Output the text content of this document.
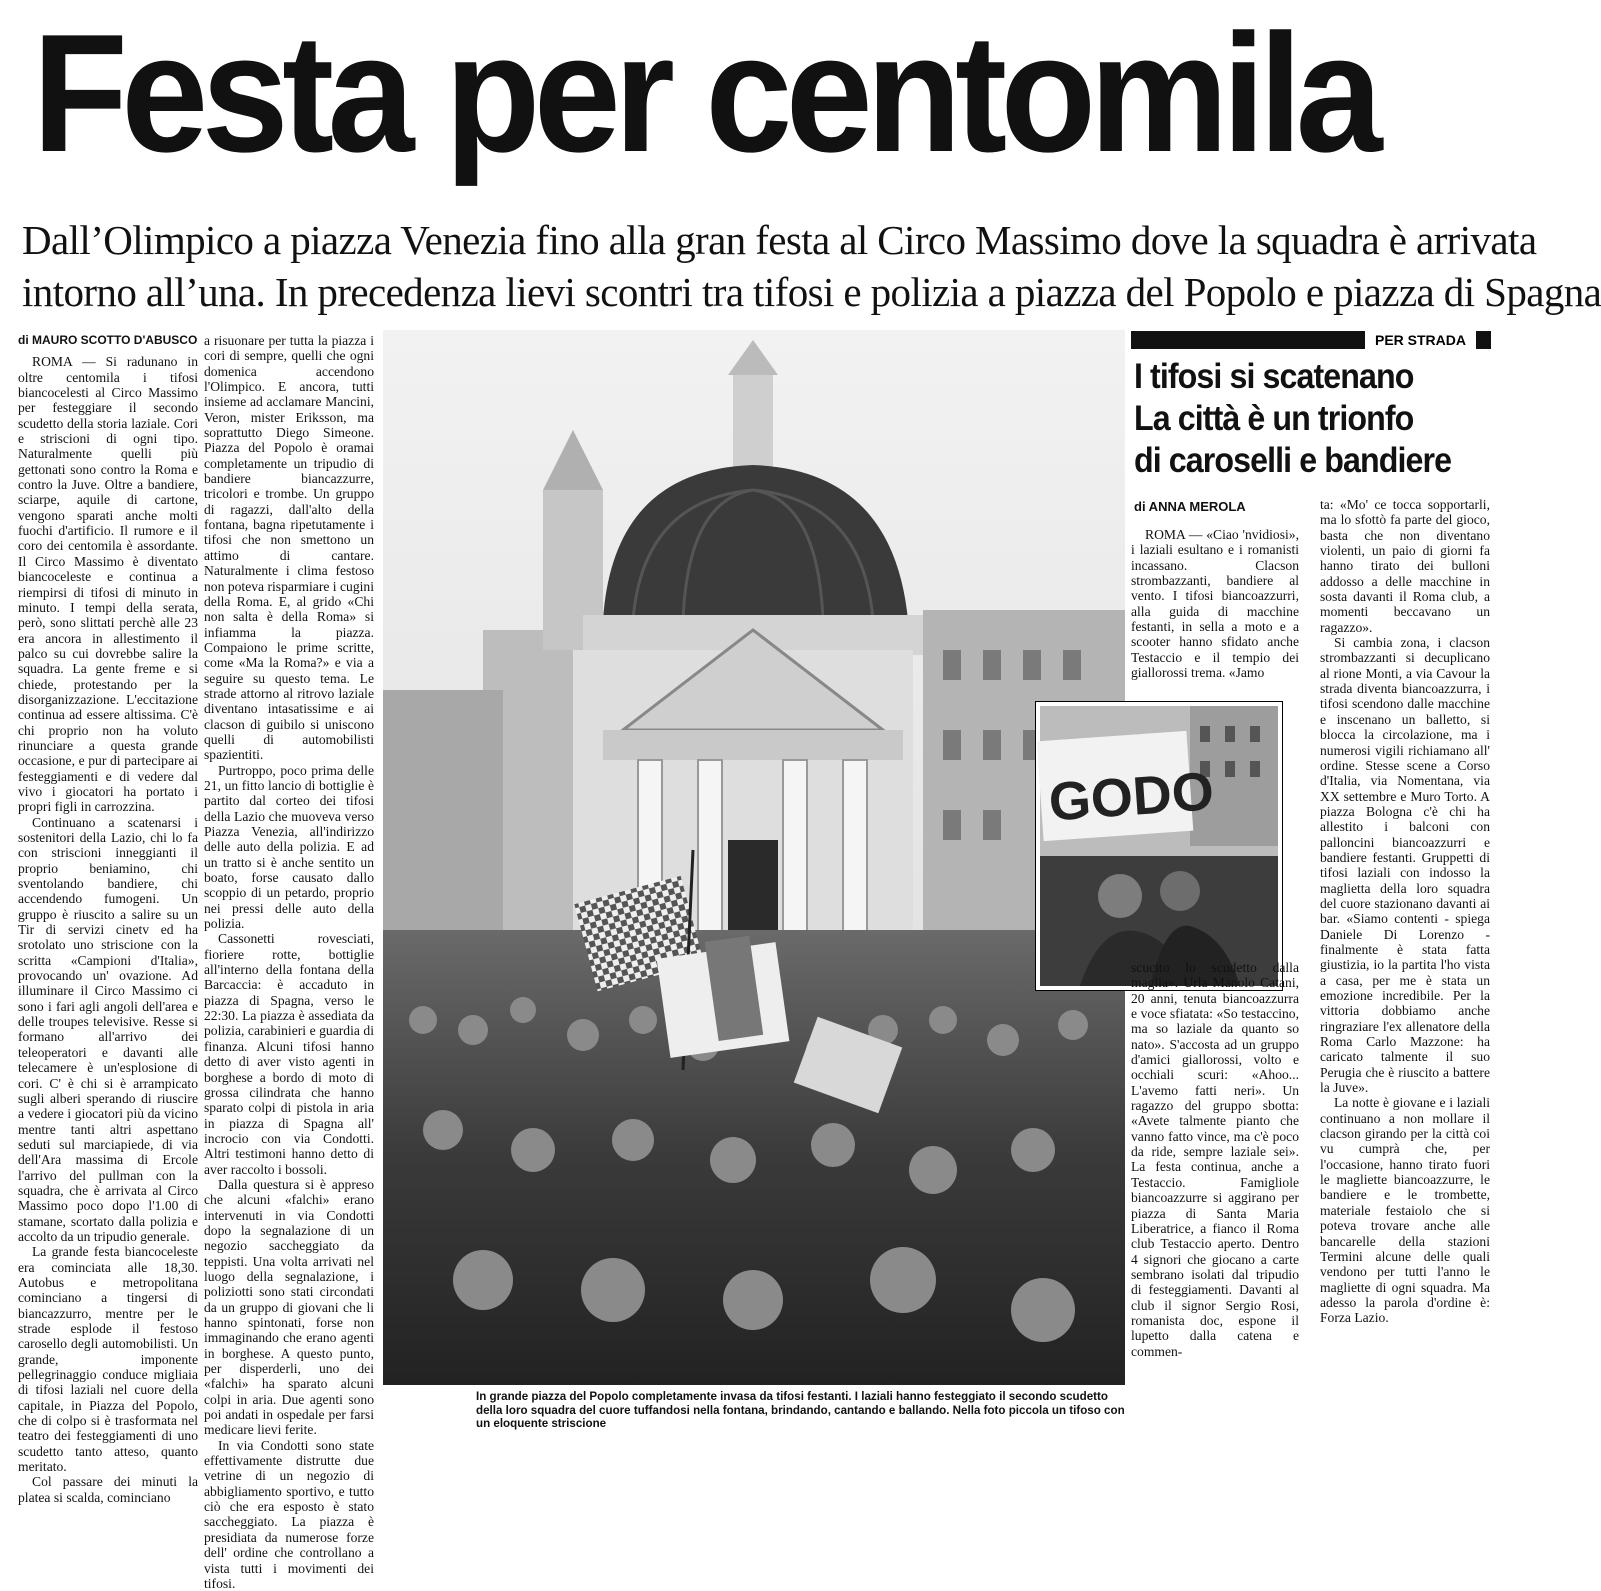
Festa per centomila
Dall’Olimpico a piazza Venezia fino alla gran festa al Circo Massimo dove la squadra è arrivata
intorno all’una. In precedenza lievi scontri tra tifosi e polizia a piazza del Popolo e piazza di Spagna
di MAURO SCOTTO D'ABUSCO

ROMA — Si radunano in oltre centomila i tifosi biancocelesti al Circo Massimo per festeggiare il secondo scudetto della storia laziale. Cori e striscioni di ogni tipo. Naturalmente quelli più gettonati sono contro la Roma e contro la Juve. Oltre a bandiere, sciarpe, aquile di cartone, vengono sparati anche molti fuochi d'artificio. Il rumore e il coro dei centomila è assordante. Il Circo Massimo è diventato biancoceleste e continua a riempirsi di tifosi di minuto in minuto. I tempi della serata, però, sono slittati perchè alle 23 era ancora in allestimento il palco su cui dovrebbe salire la squadra. La gente freme e si chiede, protestando per la disorganizzazione. L'eccitazione continua ad essere altissima. C'è chi proprio non ha voluto rinunciare a questa grande occasione, e pur di partecipare ai festeggiamenti e di vedere dal vivo i giocatori ha portato i propri figli in carrozzina.

Continuano a scatenarsi i sostenitori della Lazio, chi lo fa con striscioni inneggianti il proprio beniamino, chi sventolando bandiere, chi accendendo fumogeni. Un gruppo è riuscito a salire su un Tir di servizi cinetv ed ha srotolato uno striscione con la scritta «Campioni d'Italia», provocando un' ovazione. Ad illuminare il Circo Massimo ci sono i fari agli angoli dell'area e delle troupes televisive. Resse si formano all'arrivo dei teleoperatori e davanti alle telecamere è un'esplosione di cori. C' è chi si è arrampicato sugli alberi sperando di riuscire a vedere i giocatori più da vicino mentre tanti altri aspettano seduti sul marciapiede, di via dell'Ara massima di Ercole l'arrivo del pullman con la squadra, che è arrivata al Circo Massimo poco dopo l'1.00 di stamane, scortato dalla polizia e accolto da un tripudio generale.

La grande festa biancoceleste era cominciata alle 18,30. Autobus e metropolitana cominciano a tingersi di biancazzurro, mentre per le strade esplode il festoso carosello degli automobilisti. Un grande, imponente pellegrinaggio conduce migliaia di tifosi laziali nel cuore della capitale, in Piazza del Popolo, che di colpo si è trasformata nel teatro dei festeggiamenti di uno scudetto tanto atteso, quanto meritato.

Col passare dei minuti la platea si scalda, cominciano

a risuonare per tutta la piazza i cori di sempre, quelli che ogni domenica accendono l'Olimpico. E ancora, tutti insieme ad acclamare Mancini, Veron, mister Eriksson, ma soprattutto Diego Simeone. Piazza del Popolo è oramai completamente un tripudio di bandiere biancazzurre, tricolori e trombe. Un gruppo di ragazzi, dall'alto della fontana, bagna ripetutamente i tifosi che non smettono un attimo di cantare. Naturalmente i clima festoso non poteva risparmiare i cugini della Roma. E, al grido «Chi non salta è della Roma» si infiamma la piazza. Compaiono le prime scritte, come «Ma la Roma?» e via a seguire su questo tema. Le strade attorno al ritrovo laziale diventano intasatissime e ai clacson di guibilo si uniscono quelli di automobilisti spazientiti.

Purtroppo, poco prima delle 21, un fitto lancio di bottiglie è partito dal corteo dei tifosi della Lazio che muoveva verso Piazza Venezia, all'indirizzo delle auto della polizia. E ad un tratto si è anche sentito un boato, forse causato dallo scoppio di un petardo, proprio nei pressi delle auto della polizia.

Cassonetti rovesciati, fioriere rotte, bottiglie all'interno della fontana della Barcaccia: è accaduto in piazza di Spagna, verso le 22:30. La piazza è assediata da polizia, carabinieri e guardia di finanza. Alcuni tifosi hanno detto di aver visto agenti in borghese a bordo di moto di grossa cilindrata che hanno sparato colpi di pistola in aria in piazza di Spagna all' incrocio con via Condotti. Altri testimoni hanno detto di aver raccolto i bossoli.

Dalla questura si è appreso che alcuni «falchi» erano intervenuti in via Condotti dopo la segnalazione di un negozio saccheggiato da teppisti. Una volta arrivati nel luogo della segnalazione, i poliziotti sono stati circondati da un gruppo di giovani che li hanno spintonati, forse non immaginando che erano agenti in borghese. A questo punto, per disperderli, uno dei «falchi» ha sparato alcuni colpi in aria. Due agenti sono poi andati in ospedale per farsi medicare lievi ferite.

In via Condotti sono state effettivamente distrutte due vetrine di un negozio di abbigliamento sportivo, e tutto ciò che era esposto è stato saccheggiato. La piazza è presidiata da numerose forze dell' ordine che controllano a vista tutti i movimenti dei tifosi.

GODO
In grande piazza del Popolo completamente invasa da tifosi festanti. I laziali hanno festeggiato il secondo scudetto della loro squadra del cuore tuffandosi nella fontana, brindando, cantando e ballando. Nella foto piccola un tifoso con un eloquente striscione
PER STRADA
I tifosi si scatenano
La città è un trionfo
di caroselli e bandiere
di ANNA MEROLA

ROMA — «Ciao 'nvidiosi», i laziali esultano e i romanisti incassano. Clacson strombazzanti, bandiere al vento. I tifosi biancoazzurri, alla guida di macchine festanti, in sella a moto e a scooter hanno sfidato anche Testaccio e il tempio dei giallorossi trema. «Jamo

scucito lo scudetto dalla maglia». Urla Manolo Catani, 20 anni, tenuta biancoazzurra e voce sfiatata: «So testaccino, ma so laziale da quanto so nato». S'accosta ad un gruppo d'amici giallorossi, volto e occhiali scuri: «Ahoo... L'avemo fatti neri». Un ragazzo del gruppo sbotta: «Avete talmente pianto che vanno fatto vince, ma c'è poco da ride, sempre laziale sei». La festa continua, anche a Testaccio. Famigliole biancoazzurre si aggirano per piazza di Santa Maria Liberatrice, a fianco il Roma club Testaccio aperto. Dentro 4 signori che giocano a carte sembrano isolati dal tripudio di festeggiamenti. Davanti al club il signor Sergio Rosi, romanista doc, espone il lupetto dalla catena e commen-

ta: «Mo' ce tocca sopportarli, ma lo sfottò fa parte del gioco, basta che non diventano violenti, un paio di giorni fa hanno tirato dei bulloni addosso a delle macchine in sosta davanti il Roma club, a momenti beccavano un ragazzo».

Si cambia zona, i clacson strombazzanti si decuplicano al rione Monti, a via Cavour la strada diventa biancoazzurra, i tifosi scendono dalle macchine e inscenano un balletto, si blocca la circolazione, ma i numerosi vigili richiamano all' ordine. Stesse scene a Corso d'Italia, via Nomentana, via XX settembre e Muro Torto. A piazza Bologna c'è chi ha allestito i balconi con palloncini biancoazzurri e bandiere festanti. Gruppetti di tifosi laziali con indosso la maglietta della loro squadra del cuore stazionano davanti ai bar. «Siamo contenti - spiega Daniele Di Lorenzo - finalmente è stata fatta giustizia, io la partita l'ho vista a casa, per me è stata un emozione incredibile. Per la vittoria dobbiamo anche ringraziare l'ex allenatore della Roma Carlo Mazzone: ha caricato talmente il suo Perugia che è riuscito a battere la Juve».

La notte è giovane e i laziali continuano a non mollare il clacson girando per la città coi vu cumprà che, per l'occasione, hanno tirato fuori le magliette biancoazzurre, le bandiere e le trombette, materiale festaiolo che si poteva trovare anche alle bancarelle della stazioni Termini alcune delle quali vendono per tutti l'anno le magliette di ogni squadra. Ma adesso la parola d'ordine è: Forza Lazio.
